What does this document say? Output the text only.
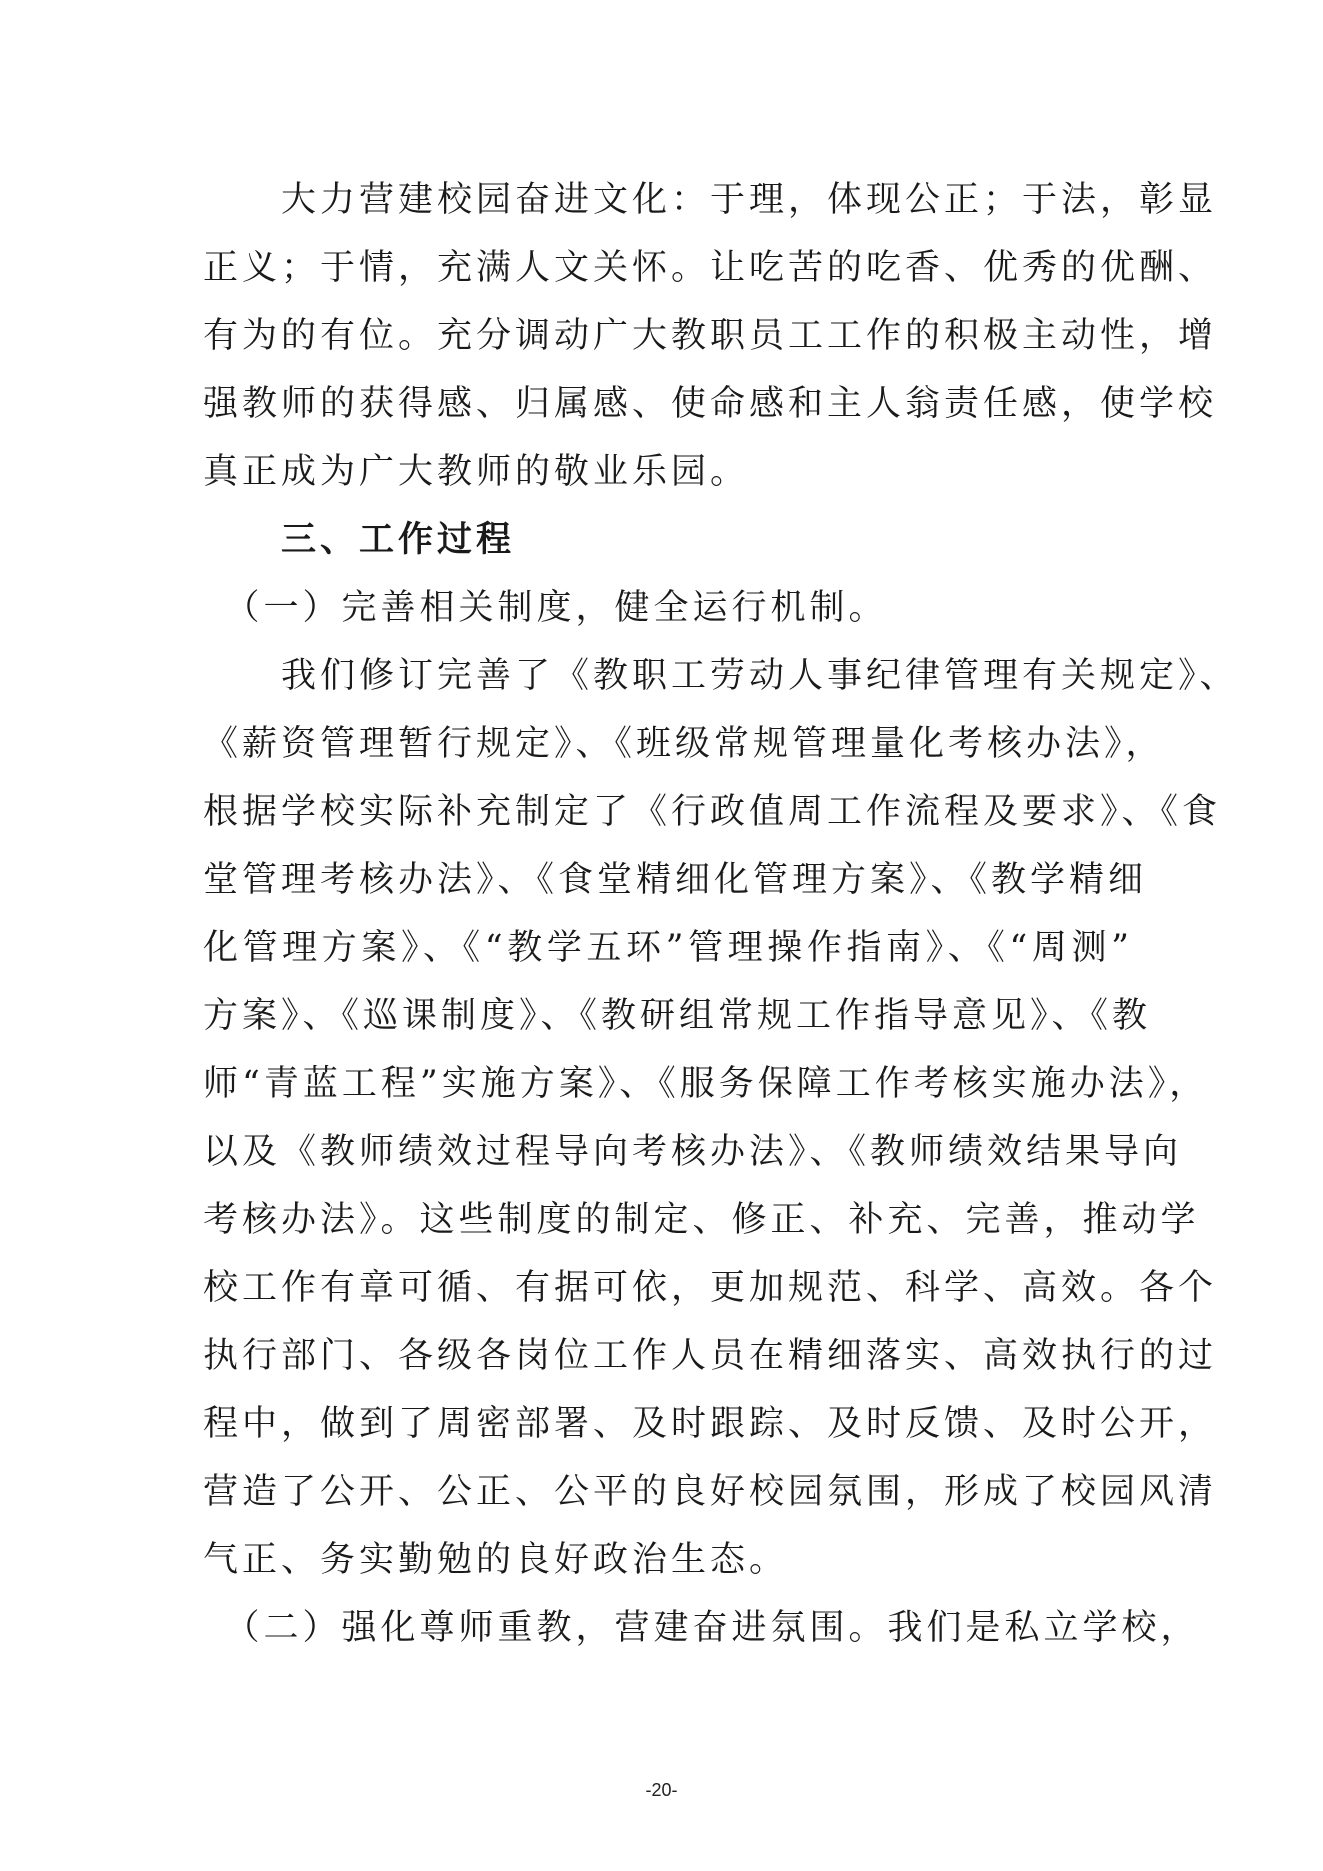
　　大力营建校园奋进文化：于理，体现公正；于法，彰显
正义；于情，充满人文关怀。让吃苦的吃香、优秀的优酬、
有为的有位。充分调动广大教职员工工作的积极主动性，增
强教师的获得感、归属感、使命感和主人翁责任感，使学校
真正成为广大教师的敬业乐园。
　　三、工作过程
　（一）完善相关制度，健全运行机制。
　　我们修订完善了《教职工劳动人事纪律管理有关规定》、
《薪资管理暂行规定》、《班级常规管理量化考核办法》，
根据学校实际补充制定了《行政值周工作流程及要求》、《食
堂管理考核办法》、《食堂精细化管理方案》、《教学精细
化管理方案》、《“教学五环”管理操作指南》、《“周测”
方案》、《巡课制度》、《教研组常规工作指导意见》、《教
师“青蓝工程”实施方案》、《服务保障工作考核实施办法》，
以及《教师绩效过程导向考核办法》、《教师绩效结果导向
考核办法》。这些制度的制定、修正、补充、完善，推动学
校工作有章可循、有据可依，更加规范、科学、高效。各个
执行部门、各级各岗位工作人员在精细落实、高效执行的过
程中，做到了周密部署、及时跟踪、及时反馈、及时公开，
营造了公开、公正、公平的良好校园氛围，形成了校园风清
气正、务实勤勉的良好政治生态。
　（二）强化尊师重教，营建奋进氛围。我们是私立学校，
-20-
